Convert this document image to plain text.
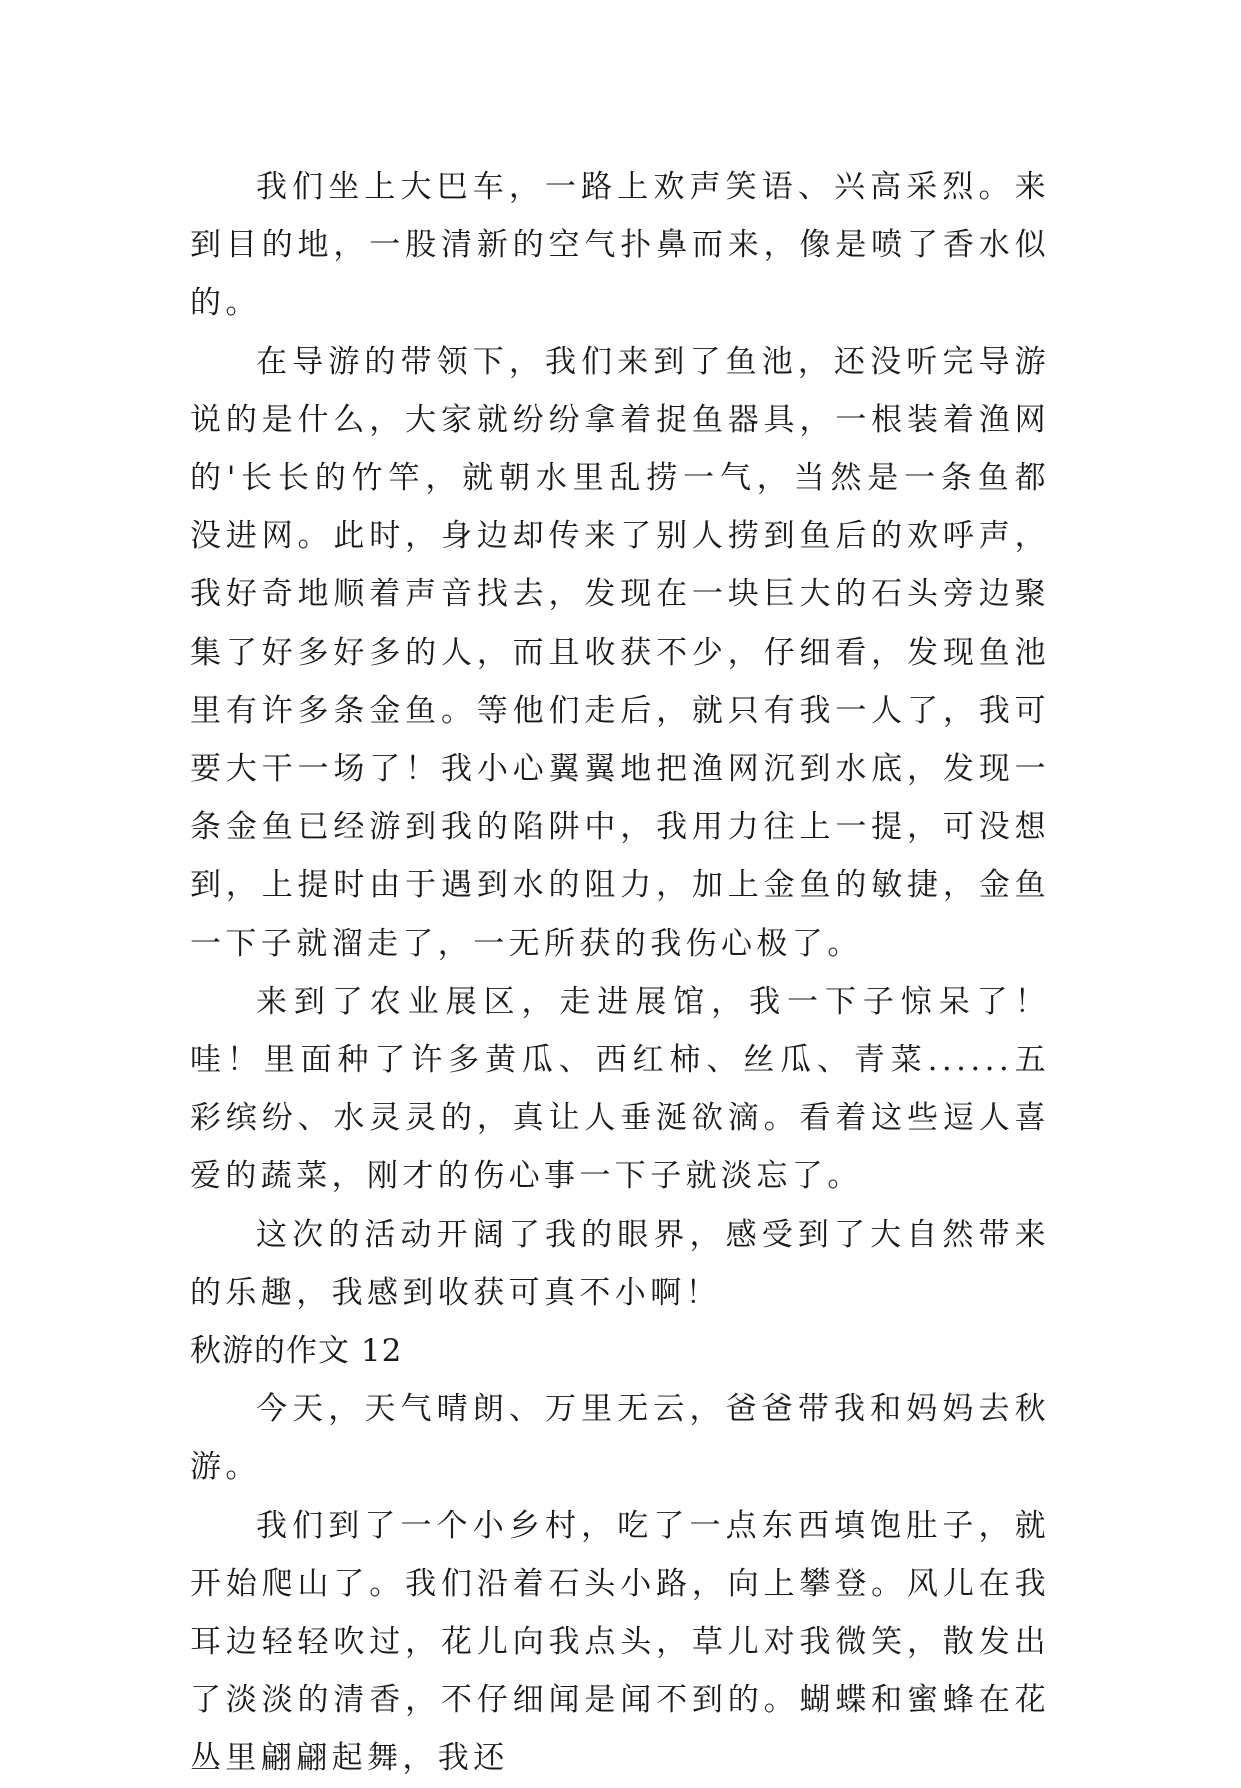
我们坐上大巴车，一路上欢声笑语、兴高采烈。来到目的地，一股清新的空气扑鼻而来，像是喷了香水似的。

在导游的带领下，我们来到了鱼池，还没听完导游说的是什么，大家就纷纷拿着捉鱼器具，一根装着渔网的'长长的竹竿，就朝水里乱捞一气，当然是一条鱼都没进网。此时，身边却传来了别人捞到鱼后的欢呼声，我好奇地顺着声音找去，发现在一块巨大的石头旁边聚集了好多好多的人，而且收获不少，仔细看，发现鱼池里有许多条金鱼。等他们走后，就只有我一人了，我可要大干一场了！我小心翼翼地把渔网沉到水底，发现一条金鱼已经游到我的陷阱中，我用力往上一提，可没想到，上提时由于遇到水的阻力，加上金鱼的敏捷，金鱼一下子就溜走了，一无所获的我伤心极了。

来到了农业展区，走进展馆，我一下子惊呆了！哇！里面种了许多黄瓜、西红柿、丝瓜、青菜......五彩缤纷、水灵灵的，真让人垂涎欲滴。看着这些逗人喜爱的蔬菜，刚才的伤心事一下子就淡忘了。

这次的活动开阔了我的眼界，感受到了大自然带来的乐趣，我感到收获可真不小啊！

秋游的作文 12

今天，天气晴朗、万里无云，爸爸带我和妈妈去秋游。

我们到了一个小乡村，吃了一点东西填饱肚子，就开始爬山了。我们沿着石头小路，向上攀登。风儿在我耳边轻轻吹过，花儿向我点头，草儿对我微笑，散发出了淡淡的清香，不仔细闻是闻不到的。蝴蝶和蜜蜂在花丛里翩翩起舞，我还
